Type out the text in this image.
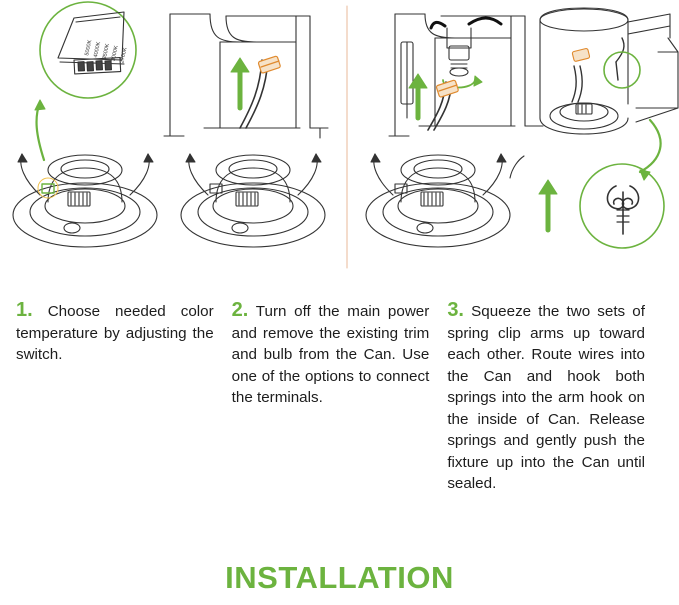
5000K 4000K 3500K 3000K 2700K

1. Choose needed color temperature by adjusting the switch.

2. Turn off the main power and remove the existing trim and bulb from the Can. Use one of the options to connect the terminals.

3. Squeeze the two sets of spring clip arms up toward each other. Route wires into the Can and hook both springs into the arm hook on the inside of Can. Release springs and gently push the fixture up into the Can until sealed.

INSTALLATION
